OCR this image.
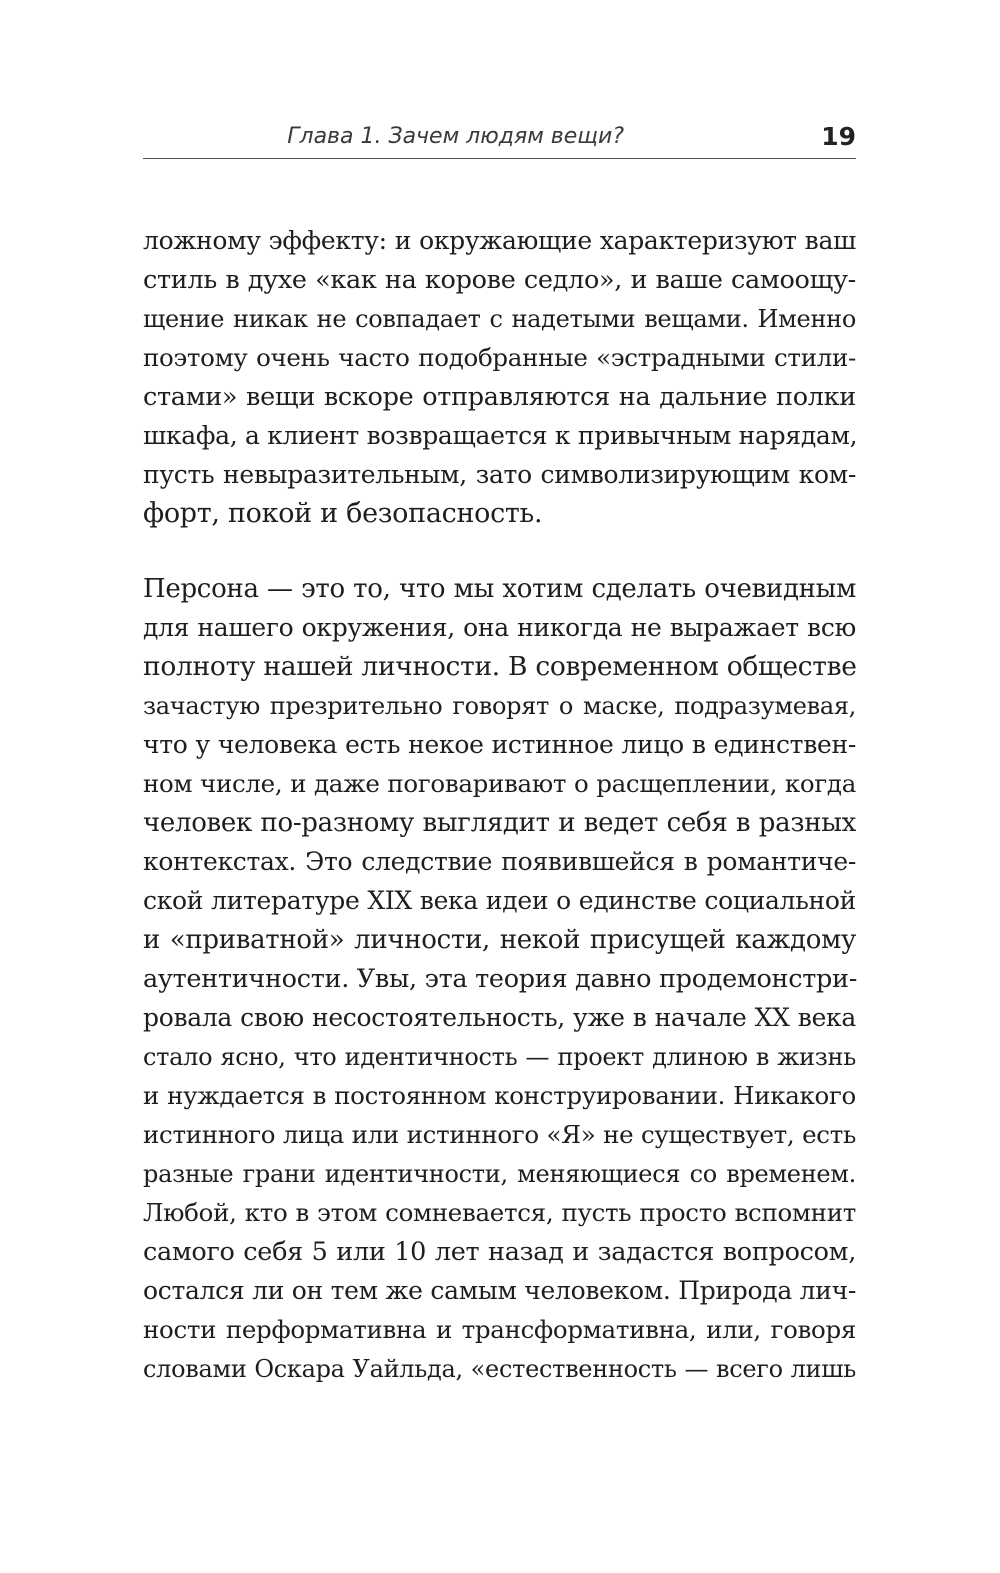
Глава 1. Зачем людям вещи?	19
ложному эффекту: и окружающие характеризуют ваш
стиль в духе «как на корове седло», и ваше самоощу-
щение никак не совпадает с надетыми вещами. Именно
поэтому очень часто подобранные «эстрадными стили-
стами» вещи вскоре отправляются на дальние полки
шкафа, а клиент возвращается к привычным нарядам,
пусть невыразительным, зато символизирующим ком-
форт, покой и безопасность.
Персона — это то, что мы хотим сделать очевидным
для нашего окружения, она никогда не выражает всю
полноту нашей личности. В современном обществе
зачастую презрительно говорят о маске, подразумевая,
что у человека есть некое истинное лицо в единствен-
ном числе, и даже поговаривают о расщеплении, когда
человек по-разному выглядит и ведет себя в разных
контекстах. Это следствие появившейся в романтиче-
ской литературе XIX века идеи о единстве социальной
и «приватной» личности, некой присущей каждому
аутентичности. Увы, эта теория давно продемонстри-
ровала свою несостоятельность, уже в начале XX века
стало ясно, что идентичность — проект длиною в жизнь
и нуждается в постоянном конструировании. Никакого
истинного лица или истинного «Я» не существует, есть
разные грани идентичности, меняющиеся со временем.
Любой, кто в этом сомневается, пусть просто вспомнит
самого себя 5 или 10 лет назад и задастся вопросом,
остался ли он тем же самым человеком. Природа лич-
ности перформативна и трансформативна, или, говоря
словами Оскара Уайльда, «естественность — всего лишь
